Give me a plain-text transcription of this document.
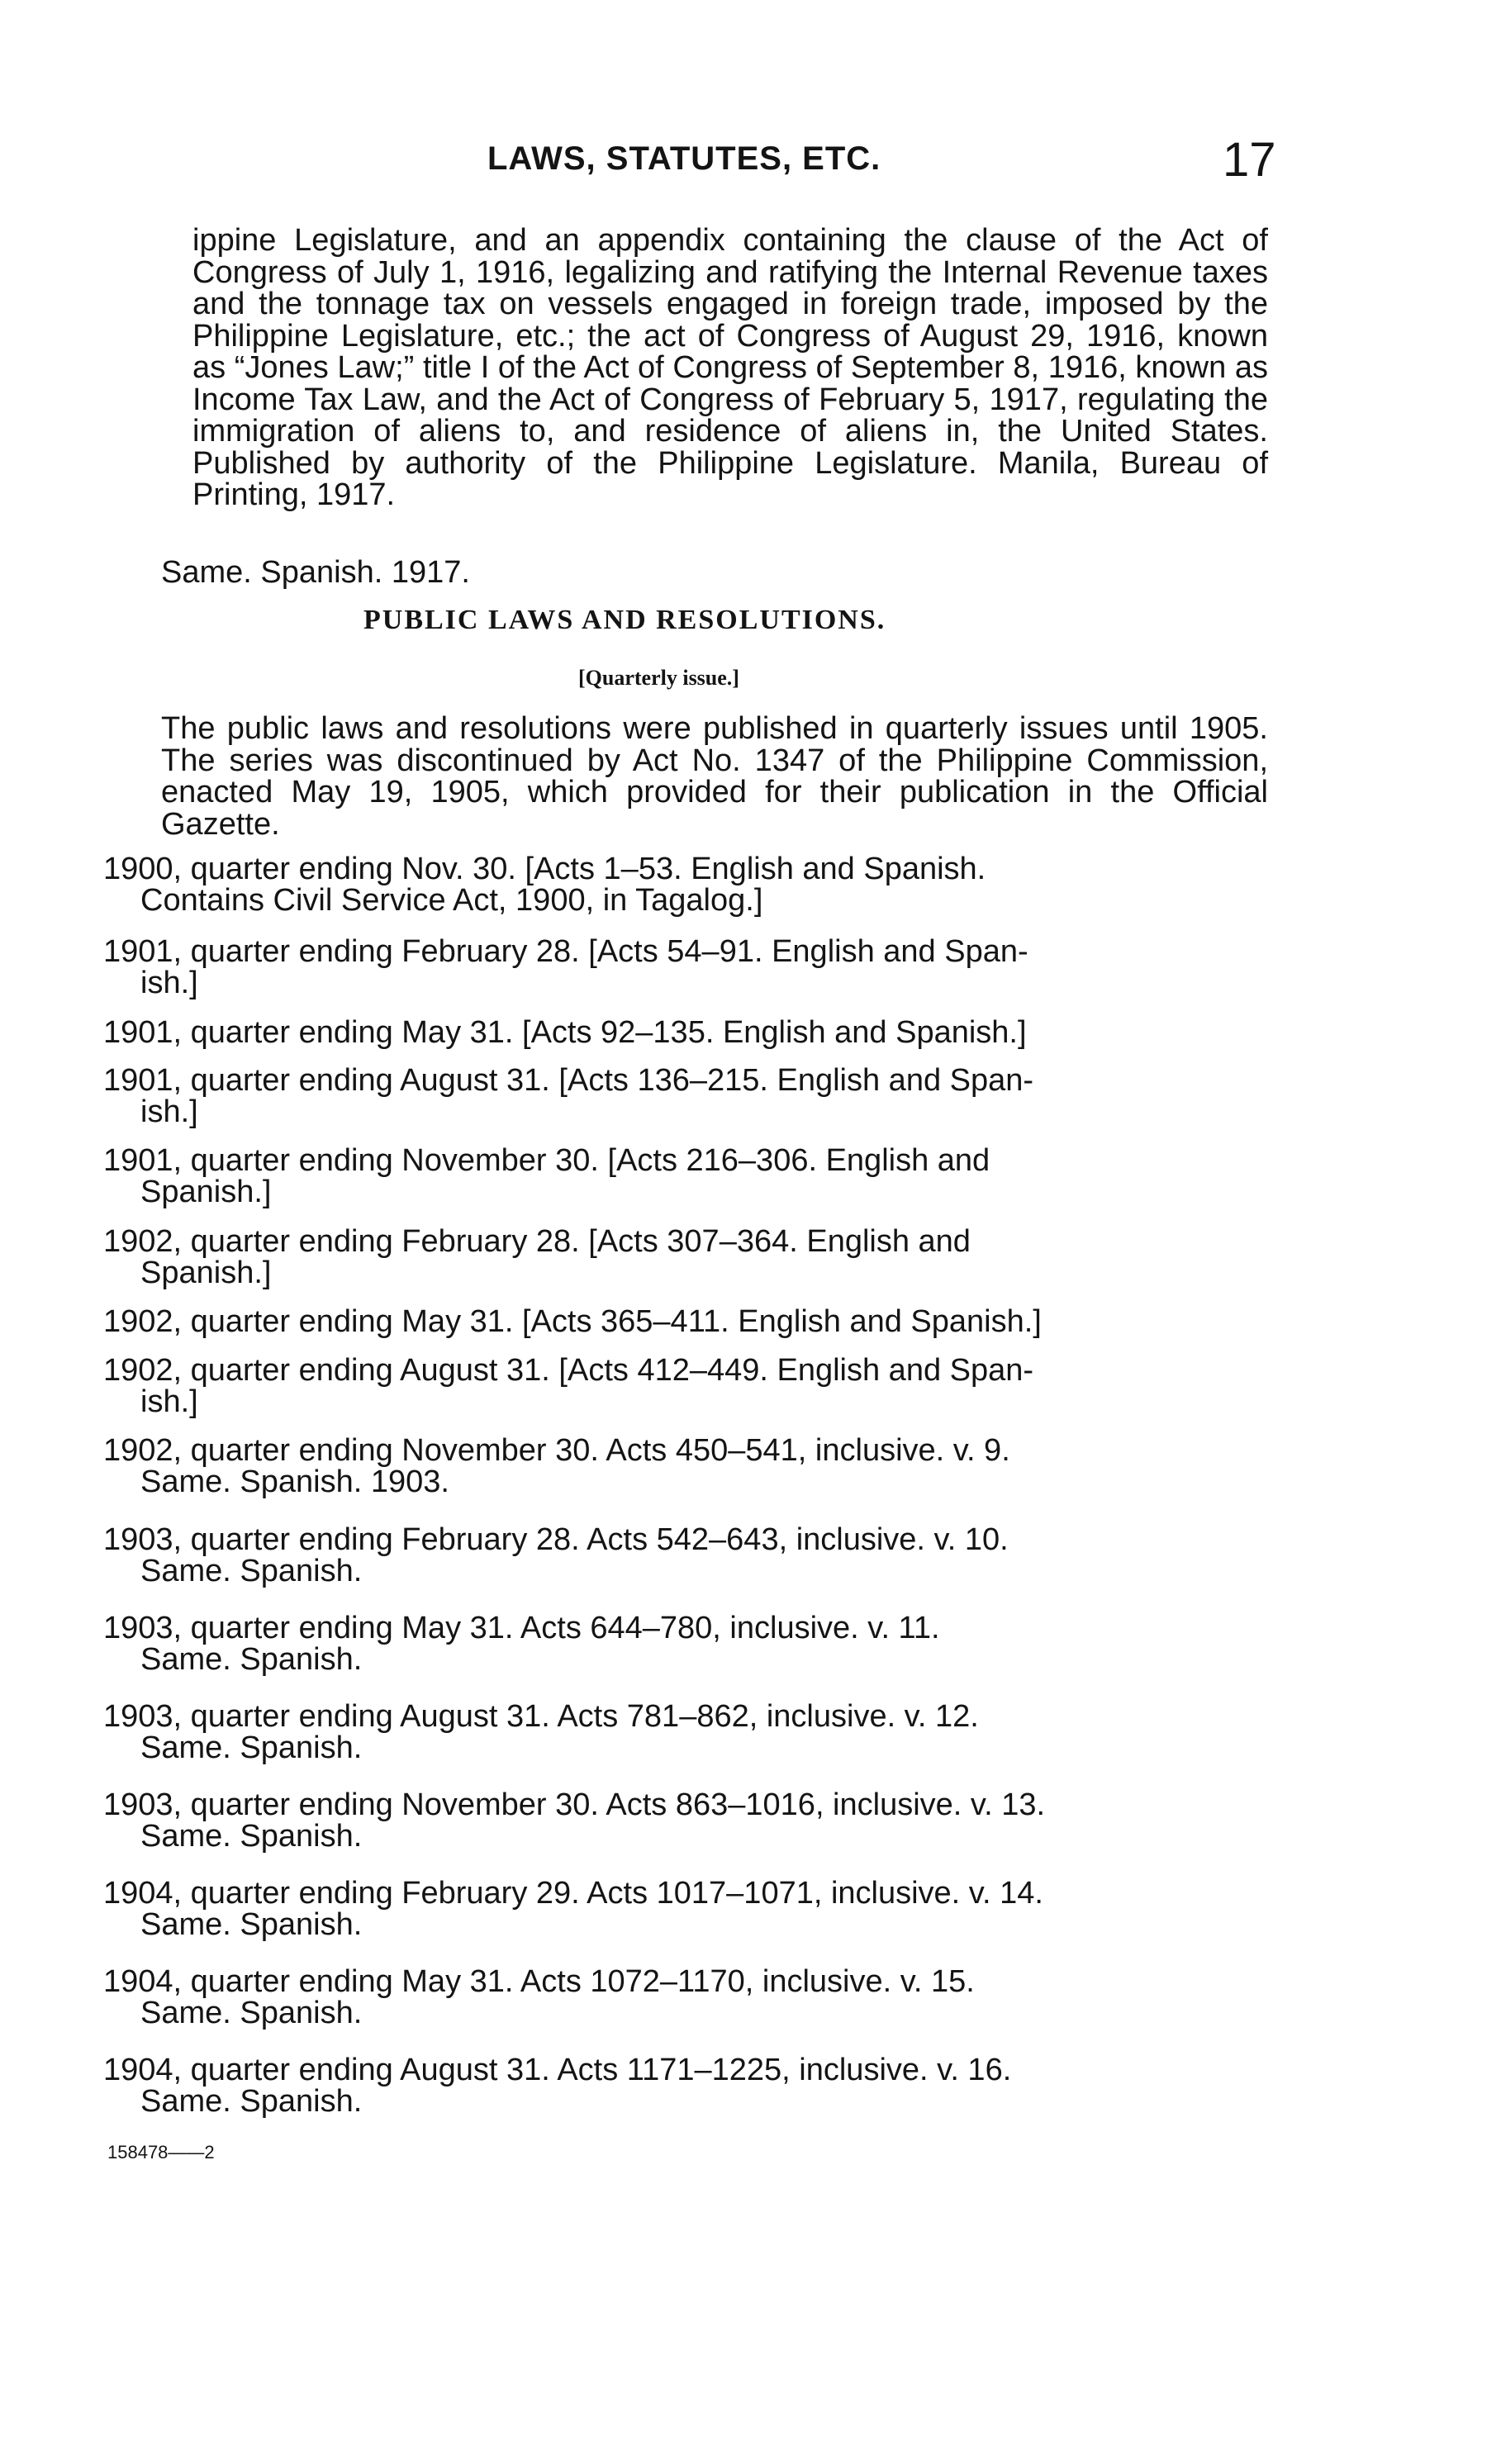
LAWS, STATUTES, ETC.	17
ippine Legislature, and an appendix containing the clause of the Act of Congress of July 1, 1916, legalizing and ratifying the Internal Revenue taxes and the tonnage tax on vessels engaged in foreign trade, imposed by the Philippine Legislature, etc.; the act of Congress of August 29, 1916, known as “Jones Law;” title I of the Act of Congress of September 8, 1916, known as Income Tax Law, and the Act of Congress of February 5, 1917, regulating the immigration of aliens to, and residence of aliens in, the United States. Published by authority of the Philippine Legislature. Manila, Bureau of Printing, 1917.
Same. Spanish. 1917.
PUBLIC LAWS AND RESOLUTIONS.
[Quarterly issue.]
The public laws and resolutions were published in quarterly issues until 1905. The series was discontinued by Act No. 1347 of the Philippine Commission, enacted May 19, 1905, which provided for their publication in the Official Gazette.
1900, quarter ending Nov. 30. [Acts 1–53. English and Spanish.
Contains Civil Service Act, 1900, in Tagalog.]
1901, quarter ending February 28. [Acts 54–91. English and Span-
ish.]
1901, quarter ending May 31. [Acts 92–135. English and Spanish.]
1901, quarter ending August 31. [Acts 136–215. English and Span-
ish.]
1901, quarter ending November 30. [Acts 216–306. English and
Spanish.]
1902, quarter ending February 28. [Acts 307–364. English and
Spanish.]
1902, quarter ending May 31. [Acts 365–411. English and Spanish.]
1902, quarter ending August 31. [Acts 412–449. English and Span-
ish.]
1902, quarter ending November 30. Acts 450–541, inclusive. v. 9.
Same. Spanish. 1903.
1903, quarter ending February 28. Acts 542–643, inclusive. v. 10.
Same. Spanish.
1903, quarter ending May 31. Acts 644–780, inclusive. v. 11.
Same. Spanish.
1903, quarter ending August 31. Acts 781–862, inclusive. v. 12.
Same. Spanish.
1903, quarter ending November 30. Acts 863–1016, inclusive. v. 13.
Same. Spanish.
1904, quarter ending February 29. Acts 1017–1071, inclusive. v. 14.
Same. Spanish.
1904, quarter ending May 31. Acts 1072–1170, inclusive. v. 15.
Same. Spanish.
1904, quarter ending August 31. Acts 1171–1225, inclusive. v. 16.
Same. Spanish.
158478——2
